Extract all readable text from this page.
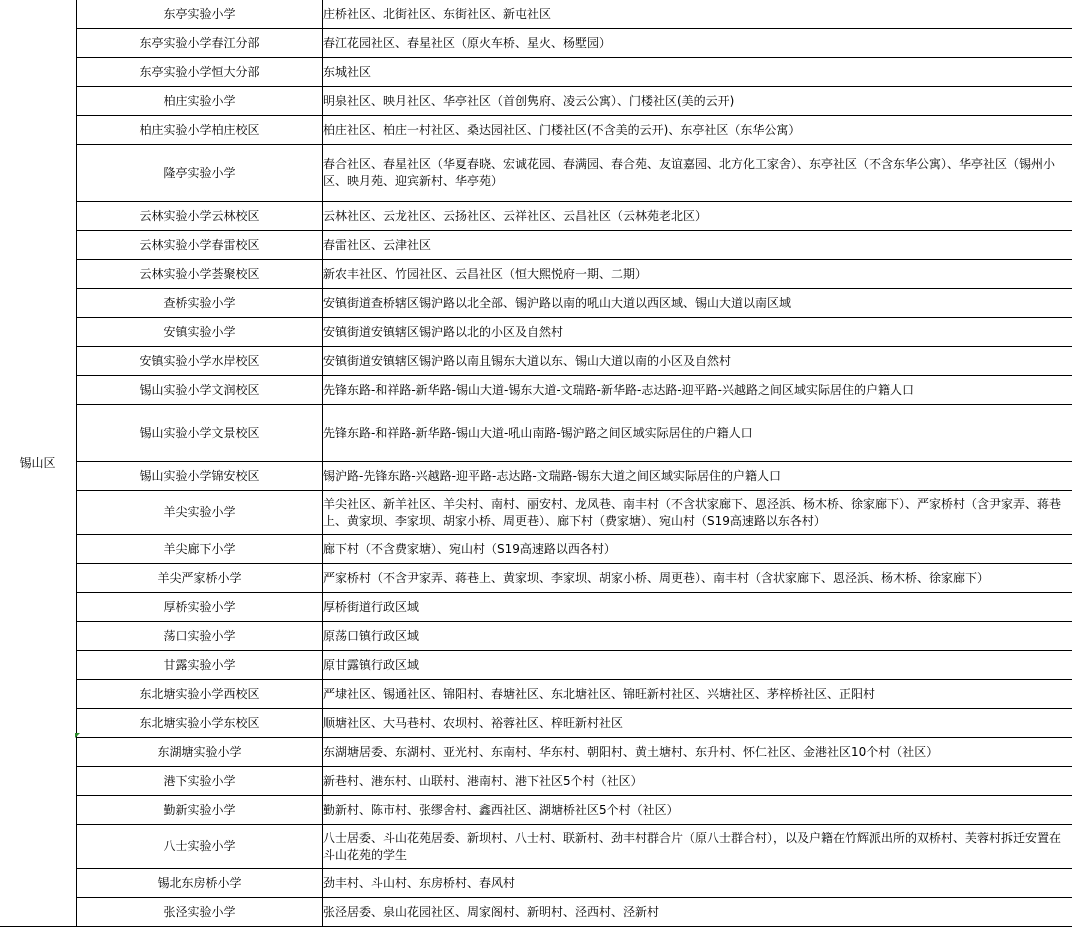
锡山区	东亭实验小学	庄桥社区、北街社区、东街社区、新屯社区

	东亭实验小学春江分部	春江花园社区、春星社区（原火车桥、星火、杨墅园）

	东亭实验小学恒大分部	东城社区

	柏庄实验小学	明泉社区、映月社区、华亭社区（首创隽府、凌云公寓）、门楼社区(美的云开)

	柏庄实验小学柏庄校区	柏庄社区、柏庄一村社区、桑达园社区、门楼社区(不含美的云开)、东亭社区（东华公寓）

	隆亭实验小学	春合社区、春星社区（华夏春晓、宏诚花园、春满园、春合苑、友谊嘉园、北方化工家舍）、东亭社区（不含东华公寓）、华亭社区（锡州小区、映月苑、迎宾新村、华亭苑）

	云林实验小学云林校区	云林社区、云龙社区、云扬社区、云祥社区、云昌社区（云林苑老北区）

	云林实验小学春雷校区	春雷社区、云津社区

	云林实验小学荟聚校区	新农丰社区、竹园社区、云昌社区（恒大熙悦府一期、二期）

	查桥实验小学	安镇街道查桥辖区锡沪路以北全部、锡沪路以南的吼山大道以西区域、锡山大道以南区域

	安镇实验小学	安镇街道安镇辖区锡沪路以北的小区及自然村

	安镇实验小学水岸校区	安镇街道安镇辖区锡沪路以南且锡东大道以东、锡山大道以南的小区及自然村

	锡山实验小学文润校区	先锋东路-和祥路-新华路-锡山大道-锡东大道-文瑞路-新华路-志达路-迎平路-兴越路之间区域实际居住的户籍人口

	锡山实验小学文景校区	先锋东路-和祥路-新华路-锡山大道-吼山南路-锡沪路之间区域实际居住的户籍人口

	锡山实验小学锦安校区	锡沪路-先锋东路-兴越路-迎平路-志达路-文瑞路-锡东大道之间区域实际居住的户籍人口

	羊尖实验小学	羊尖社区、新羊社区、羊尖村、南村、丽安村、龙凤巷、南丰村（不含状家廊下、恩泾浜、杨木桥、徐家廊下）、严家桥村（含尹家弄、蒋巷上、黄家坝、李家坝、胡家小桥、周更巷）、廊下村（费家塘）、宛山村（S19高速路以东各村）

	羊尖廊下小学	廊下村（不含费家塘）、宛山村（S19高速路以西各村）

	羊尖严家桥小学	严家桥村（不含尹家弄、蒋巷上、黄家坝、李家坝、胡家小桥、周更巷）、南丰村（含状家廊下、恩泾浜、杨木桥、徐家廊下）

	厚桥实验小学	厚桥街道行政区域

	荡口实验小学	原荡口镇行政区域

	甘露实验小学	原甘露镇行政区域

	东北塘实验小学西校区	严埭社区、锡通社区、锦阳村、春塘社区、东北塘社区、锦旺新村社区、兴塘社区、茅梓桥社区、正阳村

	东北塘实验小学东校区	顺塘社区、大马巷村、农坝村、裕蓉社区、梓旺新村社区

	东湖塘实验小学	东湖塘居委、东湖村、亚光村、东南村、华东村、朝阳村、黄土塘村、东升村、怀仁社区、金港社区10个村（社区）

	港下实验小学	新巷村、港东村、山联村、港南村、港下社区5个村（社区）

	勤新实验小学	勤新村、陈市村、张缪舍村、鑫西社区、湖塘桥社区5个村（社区）

	八士实验小学	八士居委、斗山花苑居委、新坝村、八士村、联新村、劲丰村群合片（原八士群合村），以及户籍在竹辉派出所的双桥村、芙蓉村拆迁安置在斗山花苑的学生

	锡北东房桥小学	劲丰村、斗山村、东房桥村、春风村

	张泾实验小学	张泾居委、泉山花园社区、周家阁村、新明村、泾西村、泾新村
